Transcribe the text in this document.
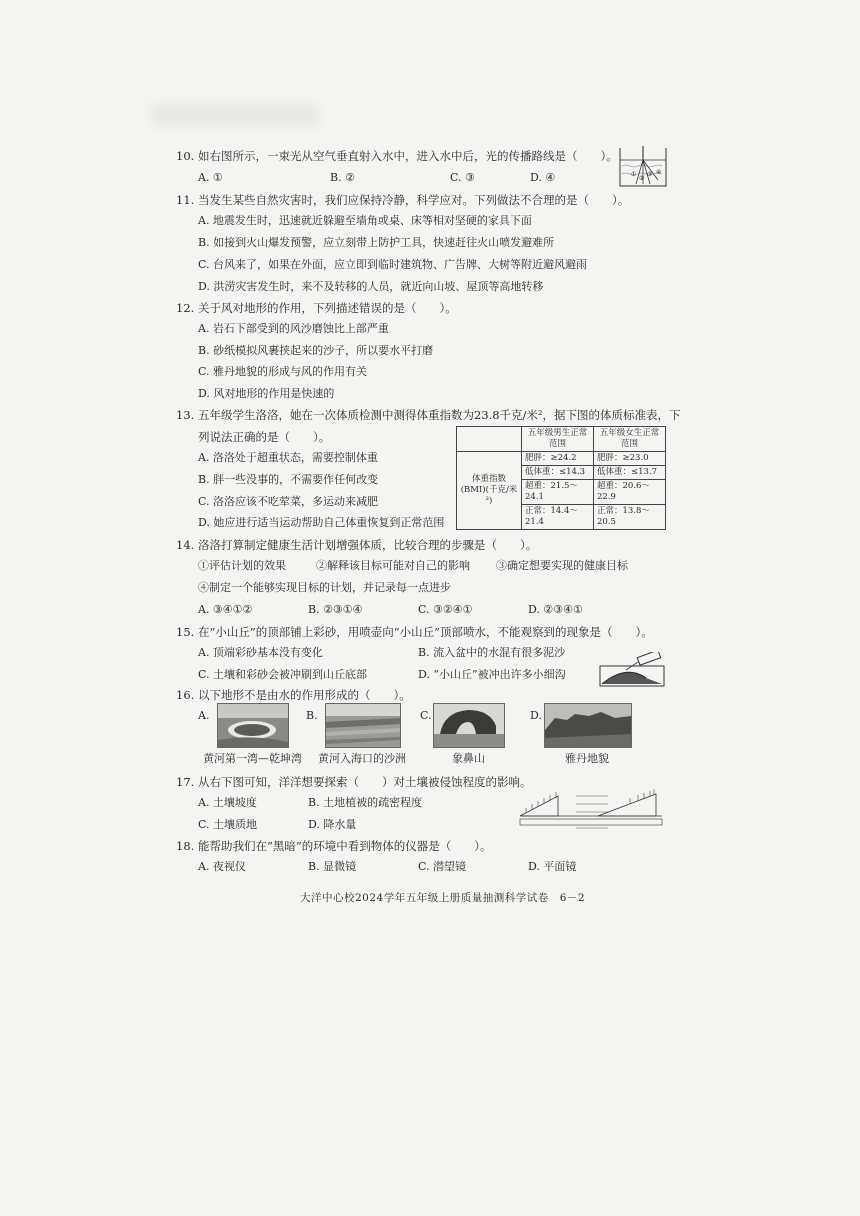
10. 如右图所示，一束光从空气垂直射入水中，进入水中后，光的传播路线是（　　）。
A. ①	B. ②	C. ③	D. ④	①
②
③ ④
11. 当发生某些自然灾害时，我们应保持冷静，科学应对。下列做法不合理的是（　　）。
A. 地震发生时，迅速就近躲避至墙角或桌、床等相对坚硬的家具下面
B. 如接到火山爆发预警，应立刻带上防护工具，快速赶往火山喷发避难所
C. 台风来了，如果在外面，应立即到临时建筑物、广告牌、大树等附近避风避雨
D. 洪涝灾害发生时，来不及转移的人员，就近向山坡、屋顶等高地转移
12. 关于风对地形的作用，下列描述错误的是（　　）。
A. 岩石下部受到的风沙磨蚀比上部严重
B. 砂纸模拟风裹挟起来的沙子，所以要水平打磨
C. 雅丹地貌的形成与风的作用有关
D. 风对地形的作用是快速的
13. 五年级学生洛洛，她在一次体质检测中测得体重指数为23.8千克/米²，据下图的体质标准表，下
列说法正确的是（　　）。
A. 洛洛处于超重状态，需要控制体重
B. 胖一些没事的，不需要作任何改变
C. 洛洛应该不吃荤菜，多运动来减肥
D. 她应进行适当运动帮助自己体重恢复到正常范围
	五年级男生正常范围	五年级女生正常范围
体重指数(BMI)(千克/米²)	肥胖：≥24.2	肥胖：≥23.0
	低体重：≤14.3	低体重：≤13.7
	超重：21.5～24.1	超重：20.6～22.9
	正常：14.4～21.4	正常：13.8～20.5
14. 洛洛打算制定健康生活计划增强体质，比较合理的步骤是（　　）。
①评估计划的效果	②解释该目标可能对自己的影响 ③确定想要实现的健康目标
④制定一个能够实现目标的计划，并记录每一点进步
A. ③④①②	B. ②③①④	C. ③②④①	D. ②③④①
15. 在“小山丘”的顶部铺上彩砂，用喷壶向“小山丘”顶部喷水，不能观察到的现象是（　　）。
A. 顶端彩砂基本没有变化	B. 流入盆中的水混有很多泥沙
C. 土壤和彩砂会被冲刷到山丘底部	D. “小山丘”被冲出许多小细沟
16. 以下地形不是由水的作用形成的（　　）。
A.	B.	C.	D.
黄河第一湾—乾坤湾 黄河入海口的沙洲	象鼻山	雅丹地貌
17. 从右下图可知，洋洋想要探索（　　）对土壤被侵蚀程度的影响。
A. 土壤坡度	B. 土地植被的疏密程度
C. 土壤质地	D. 降水量
18. 能帮助我们在“黑暗”的环境中看到物体的仪器是（　　）。
A. 夜视仪	B. 显微镜	C. 潜望镜	D. 平面镜
大洋中心校2024学年五年级上册质量抽测科学试卷　6－2
